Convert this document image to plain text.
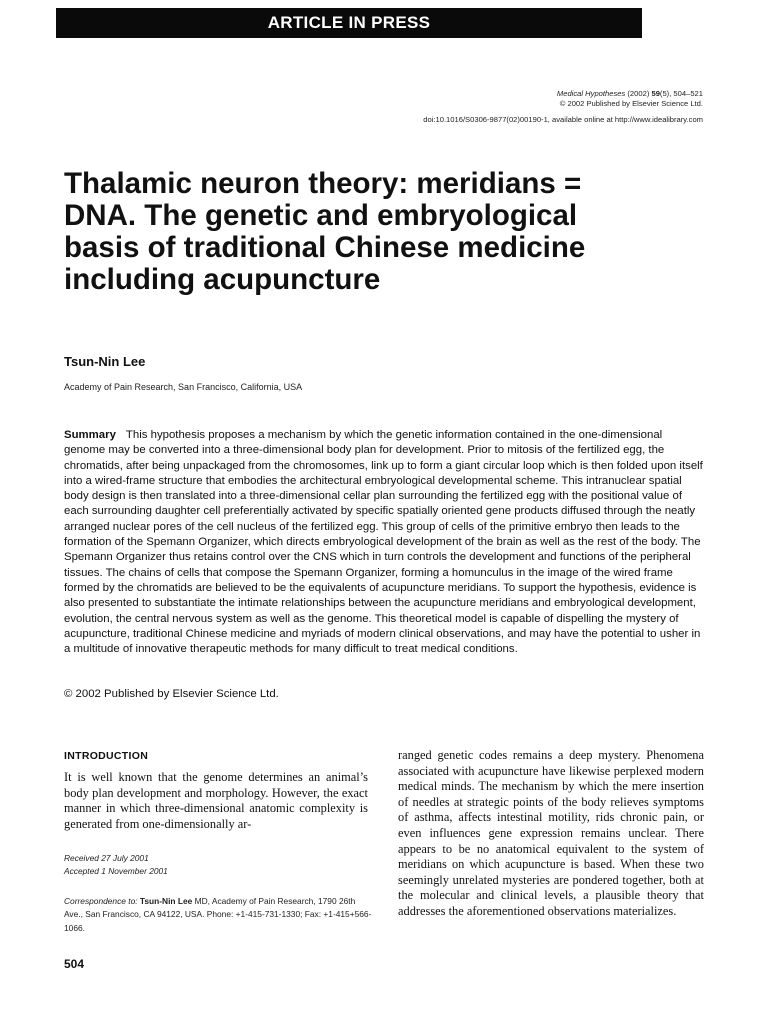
ARTICLE IN PRESS
Medical Hypotheses (2002) 59(5), 504–521
© 2002 Published by Elsevier Science Ltd.
doi:10.1016/S0306-9877(02)00190-1, available online at http://www.idealibrary.com
Thalamic neuron theory: meridians = DNA. The genetic and embryological basis of traditional Chinese medicine including acupuncture
Tsun-Nin Lee
Academy of Pain Research, San Francisco, California, USA

Summary This hypothesis proposes a mechanism by which the genetic information contained in the one-dimensional genome may be converted into a three-dimensional body plan for development. Prior to mitosis of the fertilized egg, the chromatids, after being unpackaged from the chromosomes, link up to form a giant circular loop which is then folded upon itself into a wired-frame structure that embodies the architectural embryological developmental scheme. This intranuclear spatial body design is then translated into a three-dimensional cellar plan surrounding the fertilized egg with the positional value of each surrounding daughter cell preferentially activated by specific spatially oriented gene products diffused through the neatly arranged nuclear pores of the cell nucleus of the fertilized egg. This group of cells of the primitive embryo then leads to the formation of the Spemann Organizer, which directs embryological development of the brain as well as the rest of the body. The Spemann Organizer thus retains control over the CNS which in turn controls the development and functions of the peripheral tissues. The chains of cells that compose the Spemann Organizer, forming a homunculus in the image of the wired frame formed by the chromatids are believed to be the equivalents of acupuncture meridians. To support the hypothesis, evidence is also presented to substantiate the intimate relationships between the acupuncture meridians and embryological development, evolution, the central nervous system as well as the genome. This theoretical model is capable of dispelling the mystery of acupuncture, traditional Chinese medicine and myriads of modern clinical observations, and may have the potential to usher in a multitude of innovative therapeutic methods for many difficult to treat medical conditions.

© 2002 Published by Elsevier Science Ltd.
INTRODUCTION

It is well known that the genome determines an animal’s body plan development and morphology. However, the exact manner in which three-dimensional anatomic complexity is generated from one-dimensionally ar-

ranged genetic codes remains a deep mystery. Phenomena associated with acupuncture have likewise perplexed modern medical minds. The mechanism by which the mere insertion of needles at strategic points of the body relieves symptoms of asthma, affects intestinal motility, rids chronic pain, or even influences gene expression remains unclear. There appears to be no anatomical equivalent to the system of meridians on which acupuncture is based. When these two seemingly unrelated mysteries are pondered together, both at the molecular and clinical levels, a plausible theory that addresses the aforementioned observations materializes.

Received 27 July 2001
Accepted 1 November 2001
Correspondence to: Tsun-Nin Lee MD, Academy of Pain Research, 1790 26th Ave., San Francisco, CA 94122, USA. Phone: +1-415-731-1330; Fax: +1-415+566-1066.
504
